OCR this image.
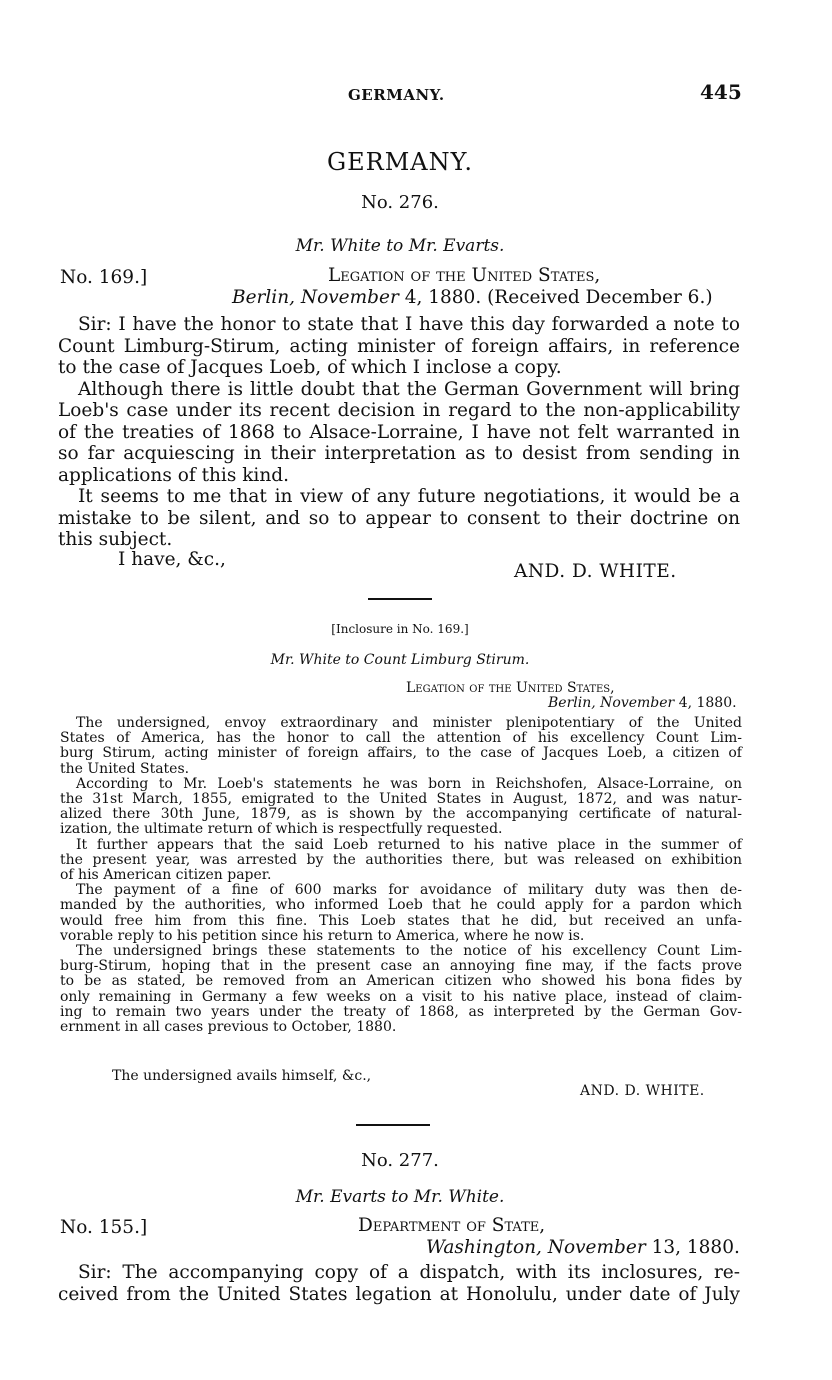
GERMANY.	445
GERMANY.
No. 276.
Mr. White to Mr. Evarts.
No. 169.]	Legation of the United States,
Berlin, November 4, 1880. (Received December 6.)
Sir: I have the honor to state that I have this day forwarded a note to
Count Limburg-Stirum, acting minister of foreign affairs, in reference
to the case of Jacques Loeb, of which I inclose a copy.
Although there is little doubt that the German Government will bring
Loeb's case under its recent decision in regard to the non-applicability
of the treaties of 1868 to Alsace-Lorraine, I have not felt warranted in
so far acquiescing in their interpretation as to desist from sending in
applications of this kind.
It seems to me that in view of any future negotiations, it would be a
mistake to be silent, and so to appear to consent to their doctrine on
this subject.
I have, &c.,
AND. D. WHITE.
[Inclosure in No. 169.]
Mr. White to Count Limburg Stirum.
Legation of the United States,
Berlin, November 4, 1880.
The undersigned, envoy extraordinary and minister plenipotentiary of the United
States of America, has the honor to call the attention of his excellency Count Lim-
burg Stirum, acting minister of foreign affairs, to the case of Jacques Loeb, a citizen of
the United States.
According to Mr. Loeb's statements he was born in Reichshofen, Alsace-Lorraine, on
the 31st March, 1855, emigrated to the United States in August, 1872, and was natur-
alized there 30th June, 1879, as is shown by the accompanying certificate of natural-
ization, the ultimate return of which is respectfully requested.
It further appears that the said Loeb returned to his native place in the summer of
the present year, was arrested by the authorities there, but was released on exhibition
of his American citizen paper.
The payment of a fine of 600 marks for avoidance of military duty was then de-
manded by the authorities, who informed Loeb that he could apply for a pardon which
would free him from this fine. This Loeb states that he did, but received an unfa-
vorable reply to his petition since his return to America, where he now is.
The undersigned brings these statements to the notice of his excellency Count Lim-
burg-Stirum, hoping that in the present case an annoying fine may, if the facts prove
to be as stated, be removed from an American citizen who showed his bona fides by
only remaining in Germany a few weeks on a visit to his native place, instead of claim-
ing to remain two years under the treaty of 1868, as interpreted by the German Gov-
ernment in all cases previous to October, 1880.
The undersigned avails himself, &c.,
AND. D. WHITE.
No. 277.
Mr. Evarts to Mr. White.
No. 155.]	Department of State,
Washington, November 13, 1880.
Sir: The accompanying copy of a dispatch, with its inclosures, re-
ceived from the United States legation at Honolulu, under date of July
